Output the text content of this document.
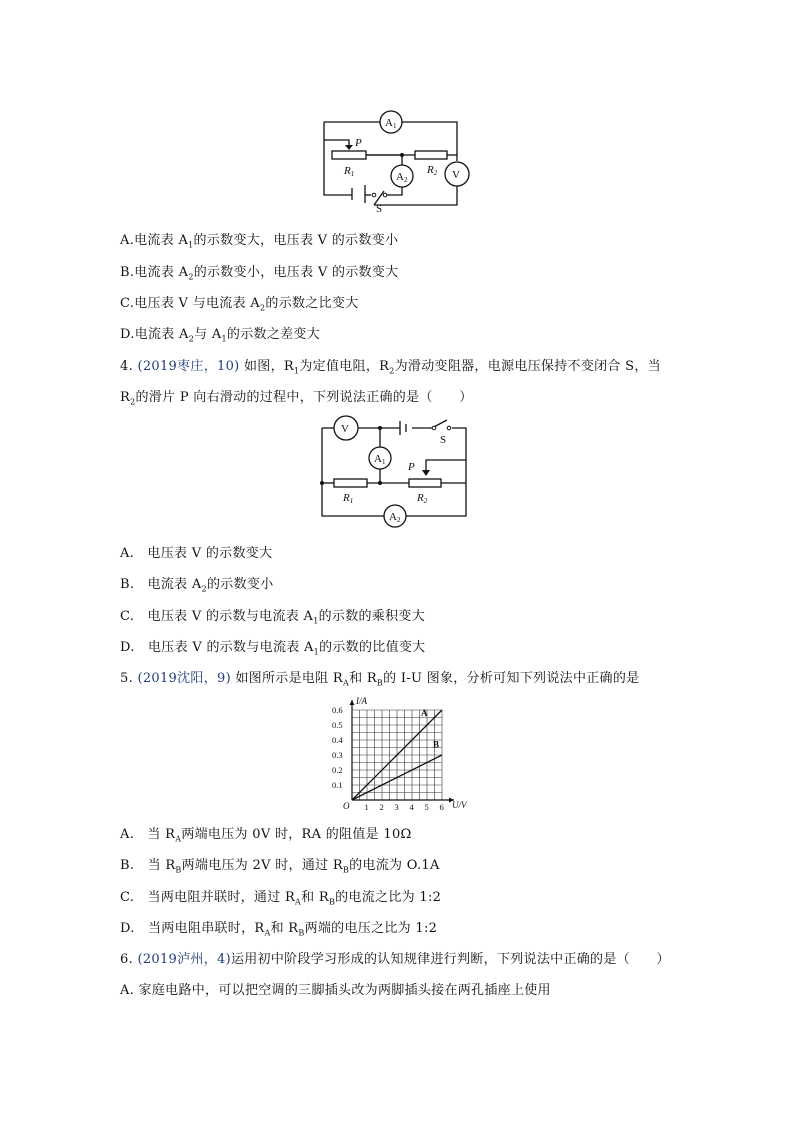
A1
P
R1	R2
A2	V
S
A.电流表 $A_1$的示数变大，电压表 V 的示数变小
B.电流表 $A_2$的示数变小，电压表 V 的示数变大
C.电压表 V 与电流表 $A_2$的示数之比变大
D.电流表 $A_2$与 $A_1$的示数之差变大
4. (2019枣庄，10) 如图，$R_1$为定值电阻，$R_2$为滑动变阻器，电源电压保持不变闭合 S，当
$R_2$的滑片 P 向右滑动的过程中，下列说法正确的是（　　）
V
A1
S
P
R1	R2
A2
A.　电压表 V 的示数变大
B.　电流表 $A_2$的示数变小
C.　电压表 V 的示数与电流表 $A_1$的示数的乘积变大
D.　电压表 V 的示数与电流表 $A_1$的示数的比值变大
5. (2019沈阳，9) 如图所示是电阻 $R_A$和 $R_B$的 I-U 图象，分析可知下列说法中正确的是
1 2 3 4 5 6
0.1
0.2
0.3
0.4
0.5
0.6
O	U/V
I/A
A
B
A.　当 $R_A$两端电压为 0V 时，RA 的阻值是 10Ω
B.　当 $R_B$两端电压为 2V 时，通过 $R_B$的电流为 O.1A
C.　当两电阻并联时，通过 $R_A$和 $R_B$的电流之比为 1:2
D.　当两电阻串联时，$R_A$和 $R_B$两端的电压之比为 1:2
6. (2019泸州，4)运用初中阶段学习形成的认知规律进行判断，下列说法中正确的是（　　）
A. 家庭电路中，可以把空调的三脚插头改为两脚插头接在两孔插座上使用
